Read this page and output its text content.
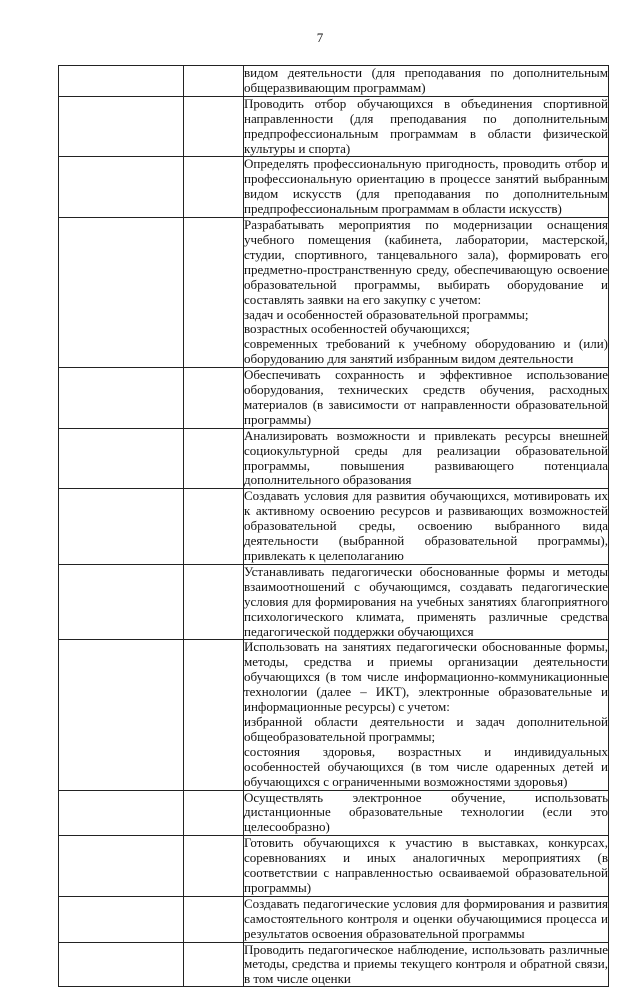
7

		видом деятельности (для преподавания по дополнительным общеразвивающим программам)

		Проводить отбор обучающихся в объединения спортивной направленности (для преподавания по дополнительным предпрофессиональным программам в области физической культуры и спорта)

		Определять профессиональную пригодность, проводить отбор и профессиональную ориентацию в процессе занятий выбранным видом искусств (для преподавания по дополнительным предпрофессиональным программам в области искусств)

		Разрабатывать мероприятия по модернизации оснащения учебного помещения (кабинета, лаборатории, мастерской, студии, спортивного, танцевального зала), формировать его предметно-пространственную среду, обеспечивающую освоение образовательной программы, выбирать оборудование и составлять заявки на его закупку с учетом:

задач и особенностей образовательной программы;

возрастных особенностей обучающихся;

современных требований к учебному оборудованию и (или) оборудованию для занятий избранным видом деятельности

		Обеспечивать сохранность и эффективное использование оборудования, технических средств обучения, расходных материалов (в зависимости от направленности образовательной программы)

		Анализировать возможности и привлекать ресурсы внешней социокультурной среды для реализации образовательной программы, повышения развивающего потенциала дополнительного образования

		Создавать условия для развития обучающихся, мотивировать их к активному освоению ресурсов и развивающих возможностей образовательной среды, освоению выбранного вида деятельности (выбранной образовательной программы), привлекать к целеполаганию

		Устанавливать педагогически обоснованные формы и методы взаимоотношений с обучающимся, создавать педагогические условия для формирования на учебных занятиях благоприятного психологического климата, применять различные средства педагогической поддержки обучающихся

		Использовать на занятиях педагогически обоснованные формы, методы, средства и приемы организации деятельности обучающихся (в том числе информационно-коммуникационные технологии (далее – ИКТ), электронные образовательные и информационные ресурсы) с учетом:

избранной области деятельности и задач дополнительной общеобразовательной программы;

состояния здоровья, возрастных и индивидуальных особенностей обучающихся (в том числе одаренных детей и обучающихся с ограниченными возможностями здоровья)

		Осуществлять электронное обучение, использовать дистанционные образовательные технологии (если это целесообразно)

		Готовить обучающихся к участию в выставках, конкурсах, соревнованиях и иных аналогичных мероприятиях (в соответствии с направленностью осваиваемой образовательной программы)

		Создавать педагогические условия для формирования и развития самостоятельного контроля и оценки обучающимися процесса и результатов освоения образовательной программы

		Проводить педагогическое наблюдение, использовать различные методы, средства и приемы текущего контроля и обратной связи, в том числе оценки
